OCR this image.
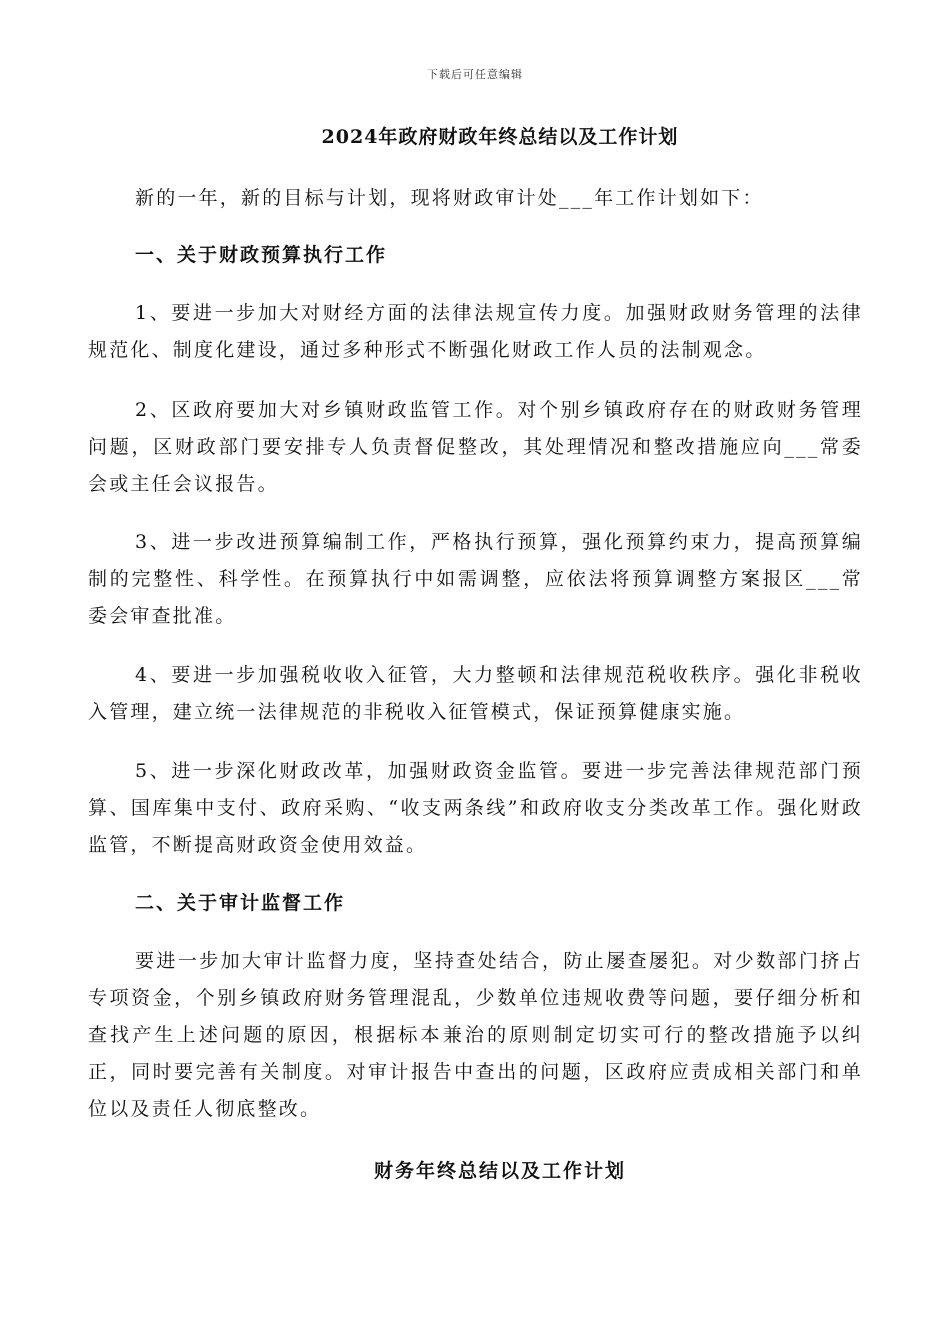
下载后可任意编辑
2024年政府财政年终总结以及工作计划

新的一年，新的目标与计划，现将财政审计处___年工作计划如下：

一、关于财政预算执行工作

1、要进一步加大对财经方面的法律法规宣传力度。加强财政财务管理的法律规范化、制度化建设，通过多种形式不断强化财政工作人员的法制观念。

2、区政府要加大对乡镇财政监管工作。对个别乡镇政府存在的财政财务管理问题，区财政部门要安排专人负责督促整改，其处理情况和整改措施应向___常委会或主任会议报告。

3、进一步改进预算编制工作，严格执行预算，强化预算约束力，提高预算编制的完整性、科学性。在预算执行中如需调整，应依法将预算调整方案报区___常委会审查批准。

4、要进一步加强税收收入征管，大力整顿和法律规范税收秩序。强化非税收入管理，建立统一法律规范的非税收入征管模式，保证预算健康实施。

5、进一步深化财政改革，加强财政资金监管。要进一步完善法律规范部门预算、国库集中支付、政府采购、“收支两条线”和政府收支分类改革工作。强化财政监管，不断提高财政资金使用效益。

二、关于审计监督工作

要进一步加大审计监督力度，坚持查处结合，防止屡查屡犯。对少数部门挤占专项资金，个别乡镇政府财务管理混乱，少数单位违规收费等问题，要仔细分析和查找产生上述问题的原因，根据标本兼治的原则制定切实可行的整改措施予以纠正，同时要完善有关制度。对审计报告中查出的问题，区政府应责成相关部门和单位以及责任人彻底整改。

财务年终总结以及工作计划
